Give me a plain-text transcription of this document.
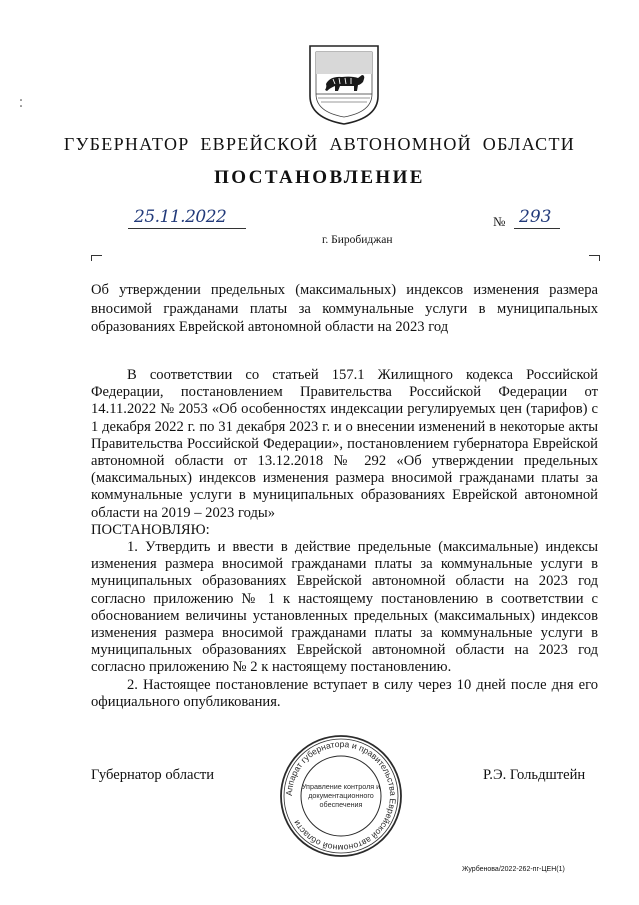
ГУБЕРНАТОР ЕВРЕЙСКОЙ АВТОНОМНОЙ ОБЛАСТИ
ПОСТАНОВЛЕНИЕ
25.11.2022	№ 293
г. Биробиджан
Об утверждении предельных (максимальных) индексов изменения размера вносимой гражданами платы за коммунальные услуги в муниципальных образованиях Еврейской автономной области на 2023 год

В соответствии со статьей 157.1 Жилищного кодекса Российской Федерации, постановлением Правительства Российской Федерации от 14.11.2022 № 2053 «Об особенностях индексации регулируемых цен (тарифов) с 1 декабря 2022 г. по 31 декабря 2023 г. и о внесении изменений в некоторые акты Правительства Российской Федерации», постановлением губернатора Еврейской автономной области от 13.12.2018 № 292 «Об утверждении предельных (максимальных) индексов изменения размера вносимой гражданами платы за коммунальные услуги в муниципальных образованиях Еврейской автономной области на 2019 – 2023 годы»

ПОСТАНОВЛЯЮ:

1. Утвердить и ввести в действие предельные (максимальные) индексы изменения размера вносимой гражданами платы за коммунальные услуги в муниципальных образованиях Еврейской автономной области на 2023 год согласно приложению № 1 к настоящему постановлению в соответствии с обоснованием величины установленных предельных (максимальных) индексов изменения размера вносимой гражданами платы за коммунальные услуги в муниципальных образованиях Еврейской автономной области на 2023 год согласно приложению № 2 к настоящему постановлению.

2. Настоящее постановление вступает в силу через 10 дней после дня его официального опубликования.

Губернатор области	Р.Э. Гольдштейн
Аппарат губернатора и правительства Еврейской автономной области
Управление контроля и
документационного
обеспечения
Журбенова/2022-262-пг-ЦЕН(1)
